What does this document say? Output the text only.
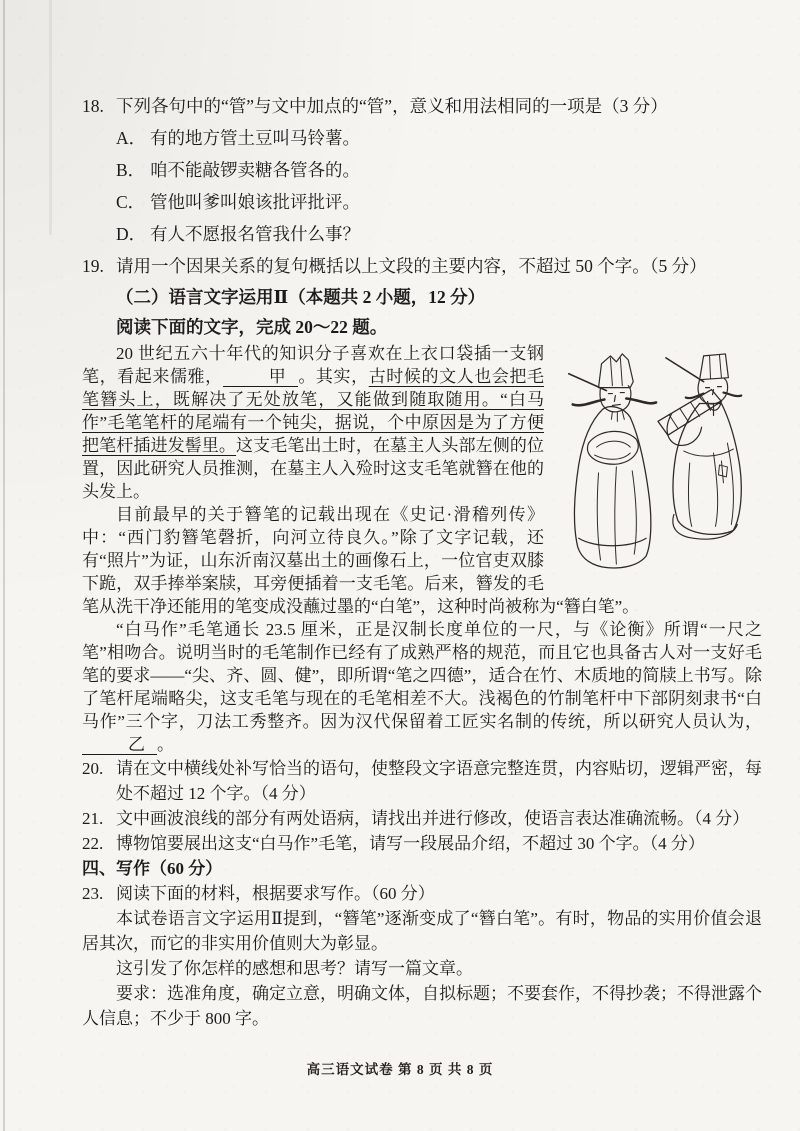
18. 下列各句中的“管”与文中加点的“管”，意义和用法相同的一项是（3 分）
A． 有的地方管土豆叫马铃薯。
B． 咱不能敲锣卖糖各管各的。
C． 管他叫爹叫娘该批评批评。
D． 有人不愿报名管我什么事？
19. 请用一个因果关系的复句概括以上文段的主要内容，不超过 50 个字。（5 分）
（二）语言文字运用Ⅱ（本题共 2 小题，12 分）
阅读下面的文字，完成 20～22 题。

20 世纪五六十年代的知识分子喜欢在上衣口袋插一支钢笔，看起来儒雅，	甲 。其实，古时候的文人也会把毛笔簪头上，既解决了无处放笔，又能做到随取随用。“白马作”毛笔笔杆的尾端有一个钝尖，据说，个中原因是为了方便把笔杆插进发髻里。这支毛笔出土时，在墓主人头部左侧的位置，因此研究人员推测，在墓主人入殓时这支毛笔就簪在他的头发上。

目前最早的关于簪笔的记载出现在《史记·滑稽列传》中：“西门豹簪笔磬折，向河立待良久。”除了文字记载，还有“照片”为证，山东沂南汉墓出土的画像石上，一位官吏双膝下跪，双手捧举案牍，耳旁便插着一支毛笔。后来，簪发的毛笔从洗干净还能用的笔变成没蘸过墨的“白笔”，这种时尚被称为“簪白笔”。

“白马作”毛笔通长 23.5 厘米，正是汉制长度单位的一尺，与《论衡》所谓“一尺之笔”相吻合。说明当时的毛笔制作已经有了成熟严格的规范，而且它也具备古人对一支好毛笔的要求——“尖、齐、圆、健”，即所谓“笔之四德”，适合在竹、木质地的简牍上书写。除了笔杆尾端略尖，这支毛笔与现在的毛笔相差不大。浅褐色的竹制笔杆中下部阴刻隶书“白马作”三个字，刀法工秀整齐。因为汉代保留着工匠实名制的传统，所以研究人员认为，乙 。

20. 请在文中横线处补写恰当的语句，使整段文字语意完整连贯，内容贴切，逻辑严密，每处不超过 12 个字。（4 分）
21. 文中画波浪线的部分有两处语病，请找出并进行修改，使语言表达准确流畅。（4 分）
22. 博物馆要展出这支“白马作”毛笔，请写一段展品介绍，不超过 30 个字。（4 分）
四、写作（60 分）
23. 阅读下面的材料，根据要求写作。（60 分）

本试卷语言文字运用Ⅱ提到，“簪笔”逐渐变成了“簪白笔”。有时，物品的实用价值会退居其次，而它的非实用价值则大为彰显。

这引发了你怎样的感想和思考？请写一篇文章。

要求：选准角度，确定立意，明确文体，自拟标题；不要套作，不得抄袭；不得泄露个人信息；不少于 800 字。

高三语文试卷 第 8 页 共 8 页
